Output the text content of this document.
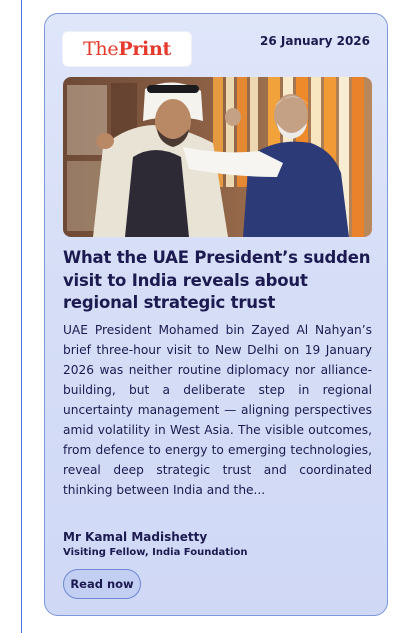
The Print	26 January 2026
What the UAE President’s sudden visit to India reveals about regional strategic trust

UAE President Mohamed bin Zayed Al Nahyan’s brief three-hour visit to New Delhi on 19 January 2026 was neither routine diplomacy nor alliance-building, but a deliberate step in regional uncertainty management — aligning perspectives amid volatility in West Asia. The visible outcomes, from defence to energy to emerging technologies, reveal deep strategic trust and coordinated thinking between India and the...

Mr Kamal Madishetty
Visiting Fellow, India Foundation
Read now
